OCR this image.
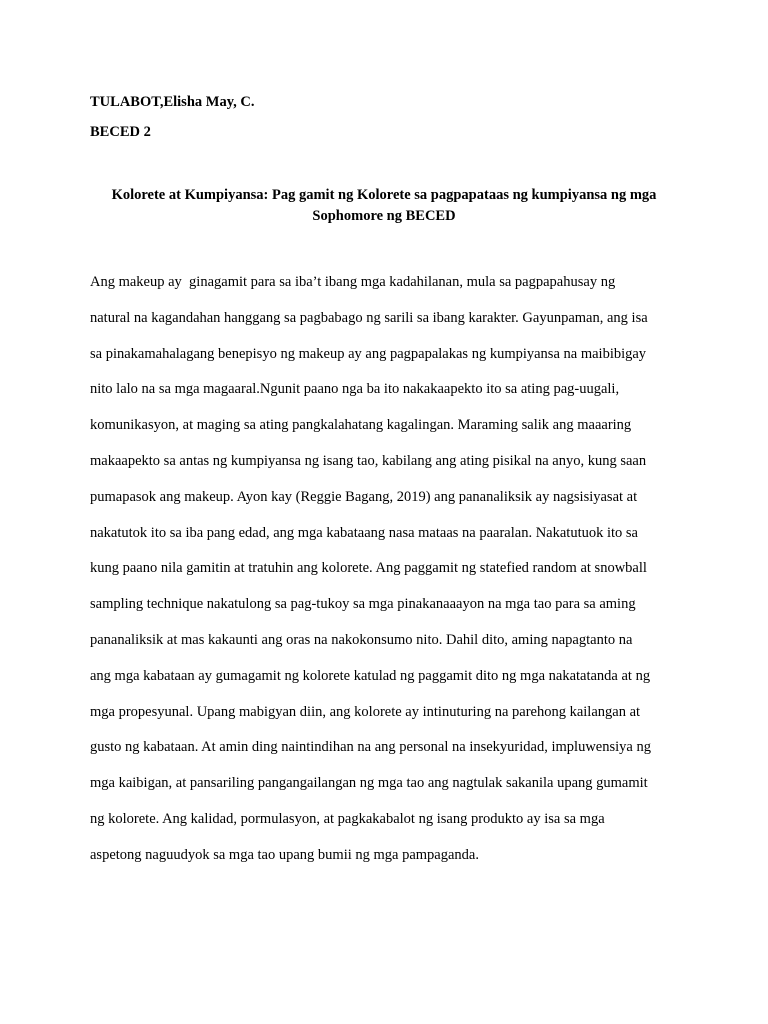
TULABOT,Elisha May, C.
BECED 2
Kolorete at Kumpiyansa: Pag gamit ng Kolorete sa pagpapataas ng kumpiyansa ng mga
Sophomore ng BECED
Ang makeup ay  ginagamit para sa iba’t ibang mga kadahilanan, mula sa pagpapahusay ng
natural na kagandahan hanggang sa pagbabago ng sarili sa ibang karakter. Gayunpaman, ang isa
sa pinakamahalagang benepisyo ng makeup ay ang pagpapalakas ng kumpiyansa na maibibigay
nito lalo na sa mga magaaral.Ngunit paano nga ba ito nakakaapekto ito sa ating pag-uugali,
komunikasyon, at maging sa ating pangkalahatang kagalingan. Maraming salik ang maaaring
makaapekto sa antas ng kumpiyansa ng isang tao, kabilang ang ating pisikal na anyo, kung saan
pumapasok ang makeup. Ayon kay (Reggie Bagang, 2019) ang pananaliksik ay nagsisiyasat at
nakatutok ito sa iba pang edad, ang mga kabataang nasa mataas na paaralan. Nakatutuok ito sa
kung paano nila gamitin at tratuhin ang kolorete. Ang paggamit ng statefied random at snowball
sampling technique nakatulong sa pag-tukoy sa mga pinakanaaayon na mga tao para sa aming
pananaliksik at mas kakaunti ang oras na nakokonsumo nito. Dahil dito, aming napagtanto na
ang mga kabataan ay gumagamit ng kolorete katulad ng paggamit dito ng mga nakatatanda at ng
mga propesyunal. Upang mabigyan diin, ang kolorete ay intinuturing na parehong kailangan at
gusto ng kabataan. At amin ding naintindihan na ang personal na insekyuridad, impluwensiya ng
mga kaibigan, at pansariling pangangailangan ng mga tao ang nagtulak sakanila upang gumamit
ng kolorete. Ang kalidad, pormulasyon, at pagkakabalot ng isang produkto ay isa sa mga
aspetong naguudyok sa mga tao upang bumii ng mga pampaganda.
